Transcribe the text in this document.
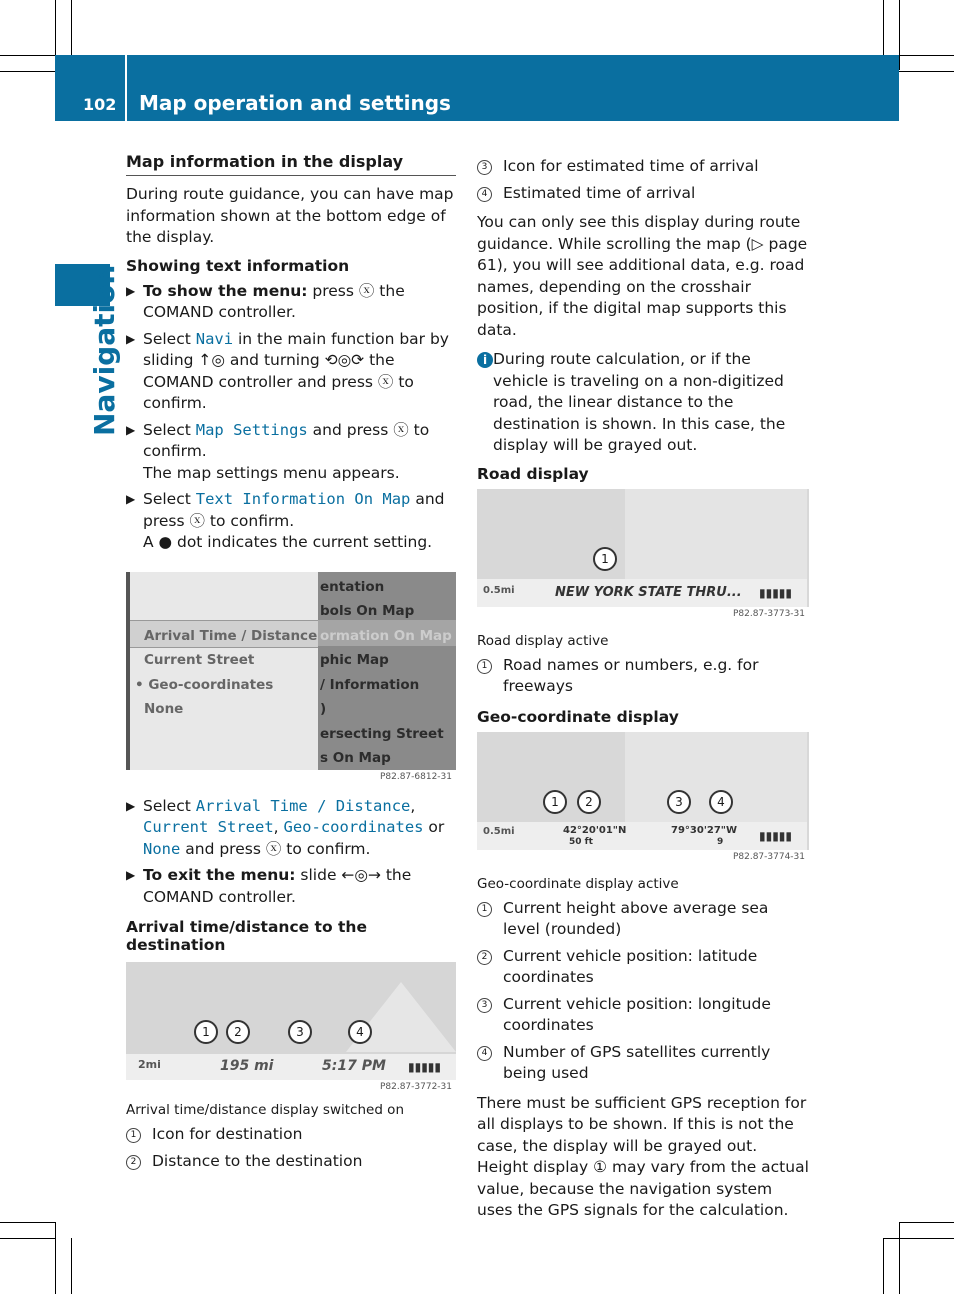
102 Map operation and settings
Navigation
Map information in the display

During route guidance, you can have map information shown at the bottom edge of the display.

Showing text information
▶ To show the menu: press ⓧ the COMAND controller.
▶ Select Navi in the main function bar by sliding ↑◎ and turning ⟲◎⟳ the COMAND controller and press ⓧ to confirm.
▶ Select Map Settings and press ⓧ to confirm.
The map settings menu appears.
▶ Select Text Information On Map and press ⓧ to confirm.
A ● dot indicates the current setting.
Arrival Time / Distance
Current Street
• Geo-coordinates
None
entation
bols On Map
ormation On Map
phic Map
/ Information
)
ersecting Street
s On Map
P82.87-6812-31
▶ Select Arrival Time / Distance, Current Street, Geo-coordinates or None and press ⓧ to confirm.
▶ To exit the menu: slide ←◎→ the COMAND controller.
Arrival time/distance to the destination
2mi	195 mi	5:17 PM ▮▮▮▮▮
1	2	3	4
P82.87-3772-31
Arrival time/distance display switched on
1 Icon for destination
2 Distance to the destination
3 Icon for estimated time of arrival
4 Estimated time of arrival

You can only see this display during route guidance. While scrolling the map (▷ page 61), you will see additional data, e.g. road names, depending on the crosshair position, if the digital map supports this data.

i During route calculation, or if the vehicle is traveling on a non-digitized road, the linear distance to the destination is shown. In this case, the display will be grayed out.
Road display
1
0.5mi	NEW YORK STATE THRU... ▮▮▮▮▮
P82.87-3773-31
Road display active
1 Road names or numbers, e.g. for freeways
Geo-coordinate display
1	2	3	4
0.5mi	42°20'01"N
50 ft
79°30'27"W
9	▮▮▮▮▮
P82.87-3774-31
Geo-coordinate display active
1 Current height above average sea level (rounded)
2 Current vehicle position: latitude coordinates
3 Current vehicle position: longitude coordinates
4 Number of GPS satellites currently being used

There must be sufficient GPS reception for all displays to be shown. If this is not the case, the display will be grayed out. Height display ① may vary from the actual value, because the navigation system uses the GPS signals for the calculation.
